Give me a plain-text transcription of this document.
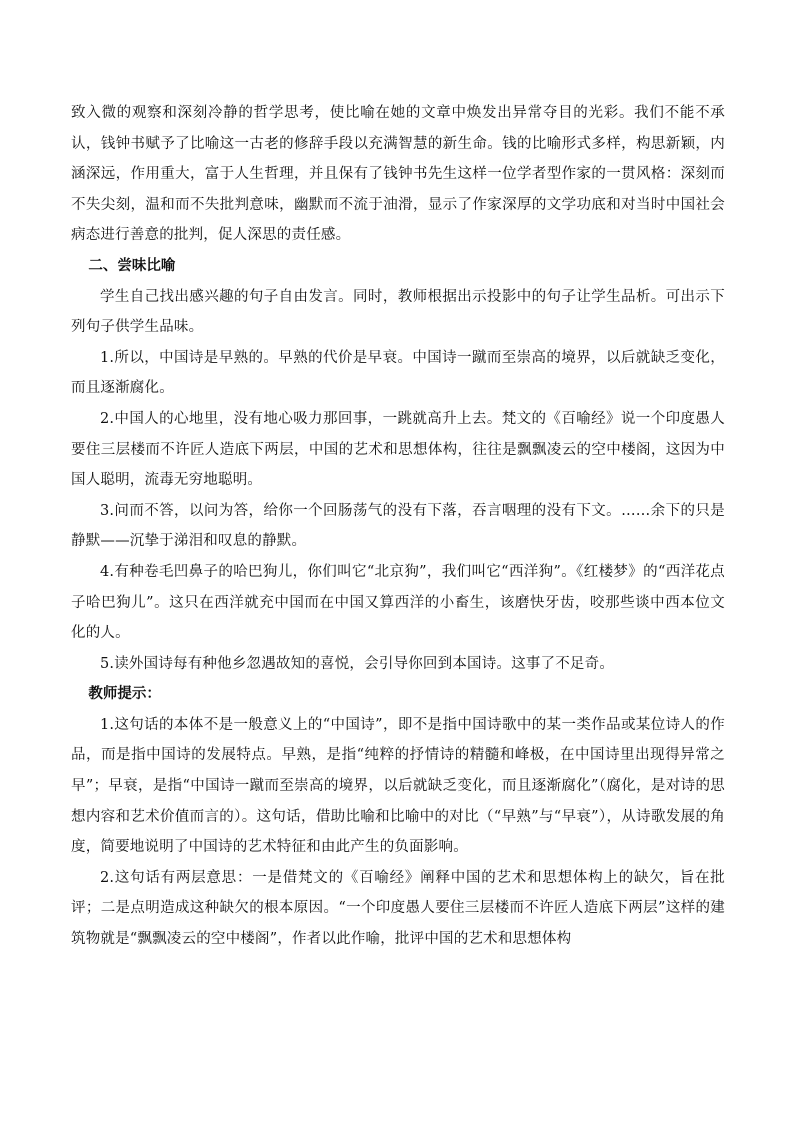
致入微的观察和深刻冷静的哲学思考，使比喻在她的文章中焕发出异常夺目的光彩。我们不能不承认，钱钟书赋予了比喻这一古老的修辞手段以充满智慧的新生命。钱的比喻形式多样，构思新颖，内涵深远，作用重大，富于人生哲理，并且保有了钱钟书先生这样一位学者型作家的一贯风格：深刻而不失尖刻，温和而不失批判意味，幽默而不流于油滑，显示了作家深厚的文学功底和对当时中国社会病态进行善意的批判，促人深思的责任感。

二、尝味比喻

学生自己找出感兴趣的句子自由发言。同时，教师根据出示投影中的句子让学生品析。可出示下列句子供学生品味。

1.所以，中国诗是早熟的。早熟的代价是早衰。中国诗一蹴而至崇高的境界，以后就缺乏变化，而且逐渐腐化。

2.中国人的心地里，没有地心吸力那回事，一跳就高升上去。梵文的《百喻经》说一个印度愚人要住三层楼而不许匠人造底下两层，中国的艺术和思想体构，往往是飘飘凌云的空中楼阁，这因为中国人聪明，流毒无穷地聪明。

3.问而不答，以问为答，给你一个回肠荡气的没有下落，吞言咽理的没有下文。……余下的只是静默——沉挚于涕泪和叹息的静默。

4.有种卷毛凹鼻子的哈巴狗儿，你们叫它“北京狗”，我们叫它“西洋狗”。《红楼梦》的“西洋花点子哈巴狗儿”。这只在西洋就充中国而在中国又算西洋的小畜生，该磨快牙齿，咬那些谈中西本位文化的人。

5.读外国诗每有种他乡忽遇故知的喜悦，会引导你回到本国诗。这事了不足奇。

教师提示：

1.这句话的本体不是一般意义上的“中国诗”，即不是指中国诗歌中的某一类作品或某位诗人的作品，而是指中国诗的发展特点。早熟，是指“纯粹的抒情诗的精髓和峰极，在中国诗里出现得异常之早”；早衰，是指“中国诗一蹴而至崇高的境界，以后就缺乏变化，而且逐渐腐化”（腐化，是对诗的思想内容和艺术价值而言的）。这句话，借助比喻和比喻中的对比（“早熟”与“早衰”），从诗歌发展的角度，简要地说明了中国诗的艺术特征和由此产生的负面影响。

2.这句话有两层意思：一是借梵文的《百喻经》阐释中国的艺术和思想体构上的缺欠，旨在批评；二是点明造成这种缺欠的根本原因。“一个印度愚人要住三层楼而不许匠人造底下两层”这样的建筑物就是“飘飘凌云的空中楼阁”，作者以此作喻，批评中国的艺术和思想体构
